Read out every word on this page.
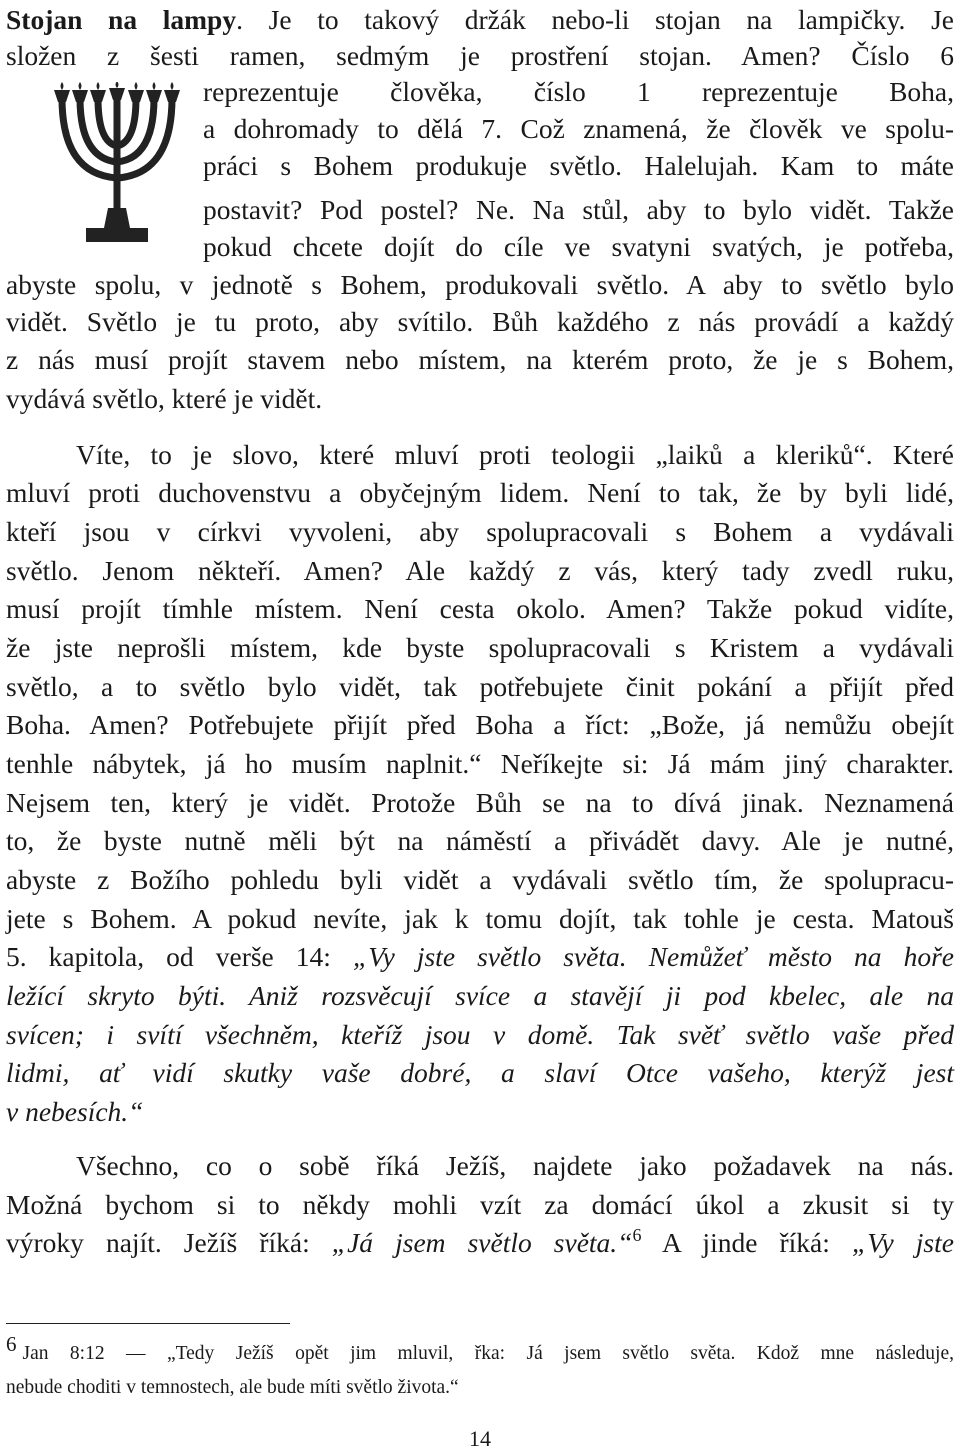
Stojan na lampy. Je to takový držák nebo-li stojan na lampičky. Je
složen z šesti ramen, sedmým je prostření stojan. Amen? Číslo 6
reprezentuje člověka, číslo 1 reprezentuje Boha,
a dohromady to dělá 7. Což znamená, že člověk ve spolu-
práci s Bohem produkuje světlo. Halelujah. Kam to máte
postavit? Pod postel? Ne. Na stůl, aby to bylo vidět. Takže
pokud chcete dojít do cíle ve svatyni svatých, je potřeba,
abyste spolu, v jednotě s Bohem, produkovali světlo. A aby to světlo bylo
vidět. Světlo je tu proto, aby svítilo. Bůh každého z nás provádí a každý
z nás musí projít stavem nebo místem, na kterém proto, že je s Bohem,
vydává světlo, které je vidět.
Víte, to je slovo, které mluví proti teologii „laiků a kleriků“. Které
mluví proti duchovenstvu a obyčejným lidem. Není to tak, že by byli lidé,
kteří jsou v církvi vyvoleni, aby spolupracovali s Bohem a vydávali
světlo. Jenom někteří. Amen? Ale každý z vás, který tady zvedl ruku,
musí projít tímhle místem. Není cesta okolo. Amen? Takže pokud vidíte,
že jste neprošli místem, kde byste spolupracovali s Kristem a vydávali
světlo, a to světlo bylo vidět, tak potřebujete činit pokání a přijít před
Boha. Amen? Potřebujete přijít před Boha a říct: „Bože, já nemůžu obejít
tenhle nábytek, já ho musím naplnit.“ Neříkejte si: Já mám jiný charakter.
Nejsem ten, který je vidět. Protože Bůh se na to dívá jinak. Neznamená
to, že byste nutně měli být na náměstí a přivádět davy. Ale je nutné,
abyste z Božího pohledu byli vidět a vydávali světlo tím, že spolupracu-
jete s Bohem. A pokud nevíte, jak k tomu dojít, tak tohle je cesta. Matouš
5. kapitola, od verše 14: „Vy jste světlo světa. Nemůžeť město na hoře
ležící skryto býti. Aniž rozsvěcují svíce a stavějí ji pod kbelec, ale na
svícen; i svítí všechněm, kteříž jsou v domě. Tak svěť světlo vaše před
lidmi, ať vidí skutky vaše dobré, a slaví Otce vašeho, kterýž jest
v nebesích.“
Všechno, co o sobě říká Ježíš, najdete jako požadavek na nás.
Možná bychom si to někdy mohli vzít za domácí úkol a zkusit si ty
výroky najít. Ježíš říká: „Já jsem světlo světa.“$^6$ A jinde říká: „Vy jste
$^6$ Jan 8:12 — „Tedy Ježíš opět jim mluvil, řka: Já jsem světlo světa. Kdož mne následuje,
nebude choditi v temnostech, ale bude míti světlo života.“
14
